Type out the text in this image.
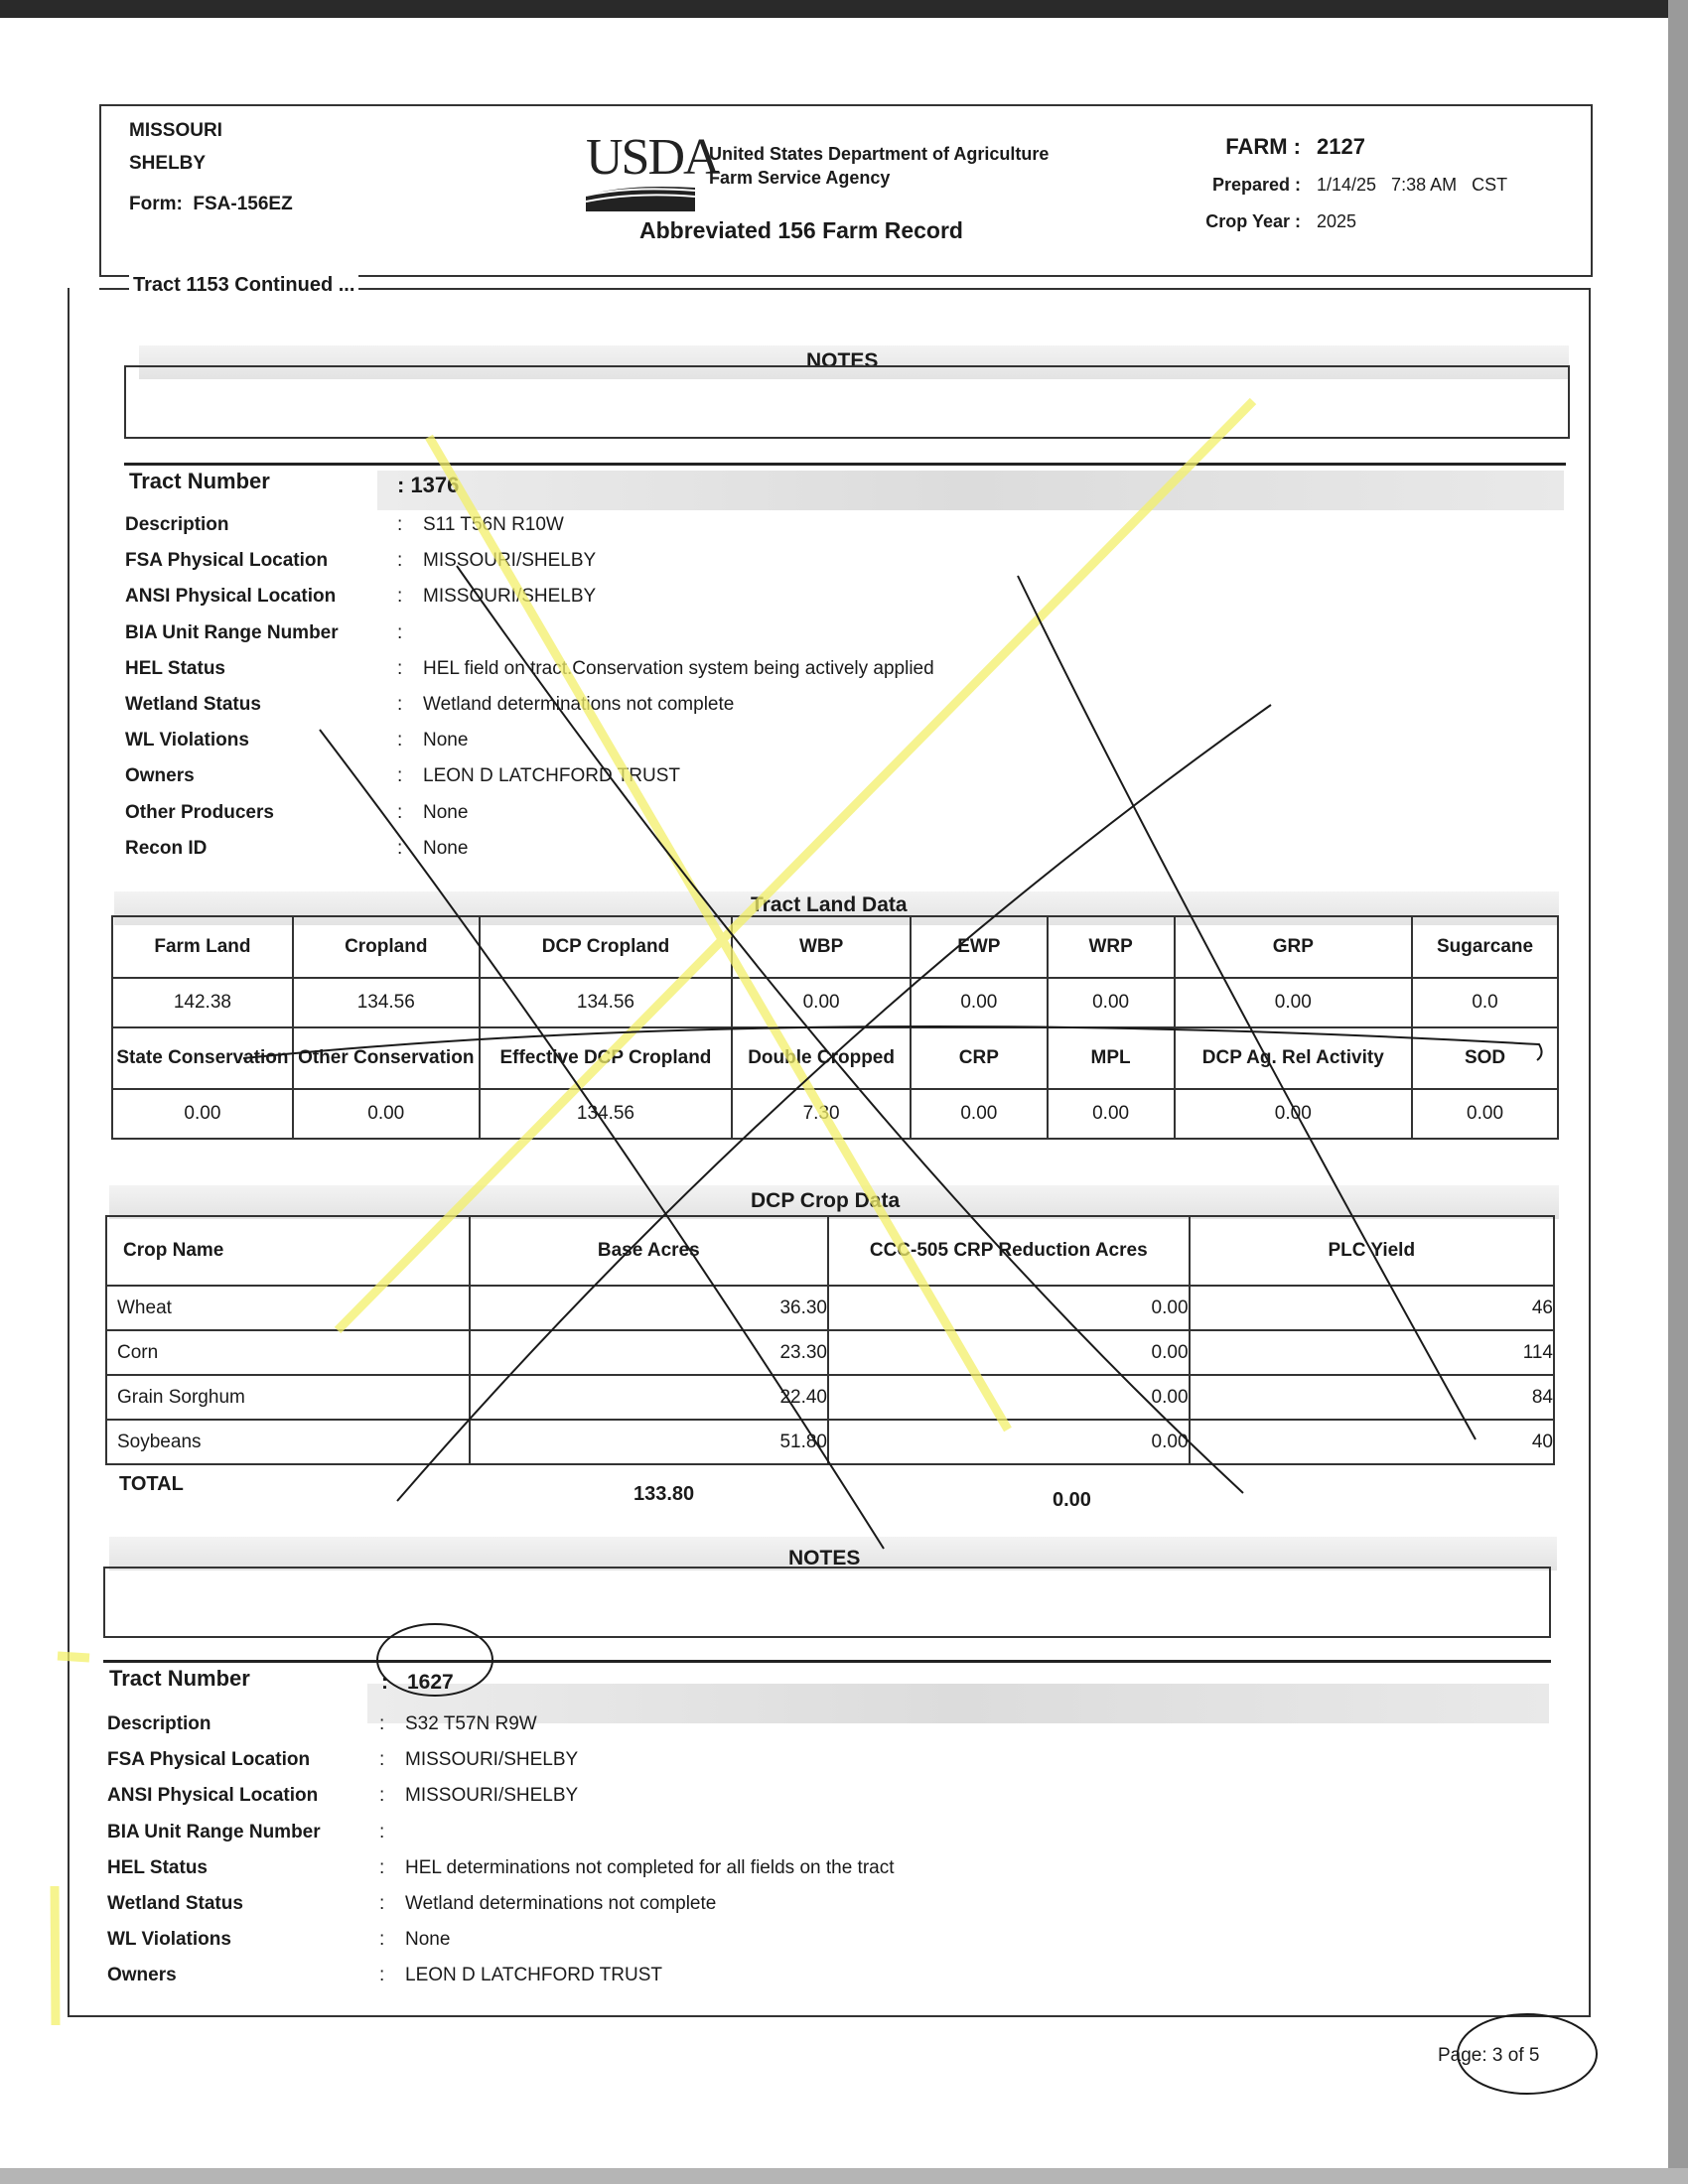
MISSOURI
SHELBY
Form: FSA-156EZ
USDA
United States Department of Agriculture
Farm Service Agency
Abbreviated 156 Farm Record
FARM : 2127
Prepared : 1/14/25   7:38 AM   CST
Crop Year : 2025
Tract 1153 Continued ...
NOTES
Tract Number	: 1376
Description	: S11 T56N R10W
FSA Physical Location	: MISSOURI/SHELBY
ANSI Physical Location	: MISSOURI/SHELBY
BIA Unit Range Number	:
HEL Status	: HEL field on tract.Conservation system being actively applied
Wetland Status	: Wetland determinations not complete
WL Violations	: None
Owners	: LEON D LATCHFORD TRUST
Other Producers	: None
Recon ID	: None
Tract Land Data
Farm Land	Cropland	DCP Cropland	WBP	EWP	WRP	GRP	Sugarcane
142.38	134.56	134.56	0.00	0.00	0.00	0.00	0.0
State Conservation	Other Conservation	Effective DCP Cropland	Double Cropped	CRP	MPL	DCP Ag. Rel Activity	SOD
0.00	0.00	134.56	7.30	0.00	0.00	0.00	0.00
DCP Crop Data
Crop Name	Base Acres	CCC-505 CRP Reduction Acres	PLC Yield
Wheat	36.30	0.00	46
Corn	23.30	0.00	114
Grain Sorghum	22.40	0.00	84
Soybeans	51.80	0.00	40
TOTAL	133.80	0.00
NOTES
Tract Number	: 1627
Description	: S32 T57N R9W
FSA Physical Location	: MISSOURI/SHELBY
ANSI Physical Location	: MISSOURI/SHELBY
BIA Unit Range Number	:
HEL Status	: HEL determinations not completed for all fields on the tract
Wetland Status	: Wetland determinations not complete
WL Violations	: None
Owners	: LEON D LATCHFORD TRUST
Page: 3 of 5
